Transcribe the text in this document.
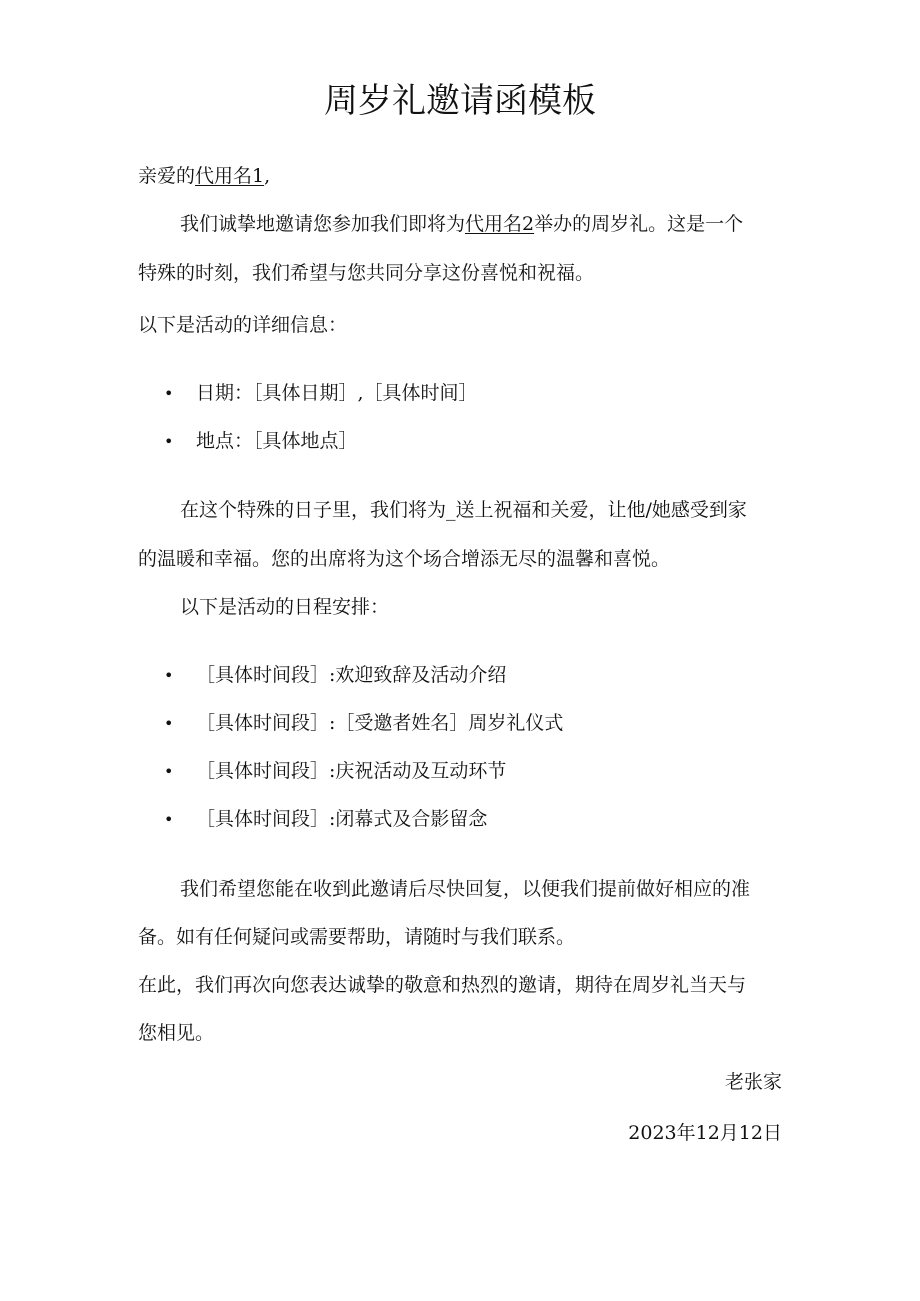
周岁礼邀请函模板
亲爱的代用名1,
我们诚挚地邀请您参加我们即将为代用名2举办的周岁礼。这是一个
特殊的时刻，我们希望与您共同分享这份喜悦和祝福。
以下是活动的详细信息：
• 日期：［具体日期］,［具体时间］
• 地点：［具体地点］
在这个特殊的日子里，我们将为_送上祝福和关爱，让他/她感受到家
的温暖和幸福。您的出席将为这个场合增添无尽的温馨和喜悦。
以下是活动的日程安排：
• ［具体时间段］:欢迎致辞及活动介绍
• ［具体时间段］:［受邀者姓名］周岁礼仪式
• ［具体时间段］:庆祝活动及互动环节
• ［具体时间段］:闭幕式及合影留念
我们希望您能在收到此邀请后尽快回复，以便我们提前做好相应的准
备。如有任何疑问或需要帮助，请随时与我们联系。
在此，我们再次向您表达诚挚的敬意和热烈的邀请，期待在周岁礼当天与
您相见。
老张家
2023年12月12日
